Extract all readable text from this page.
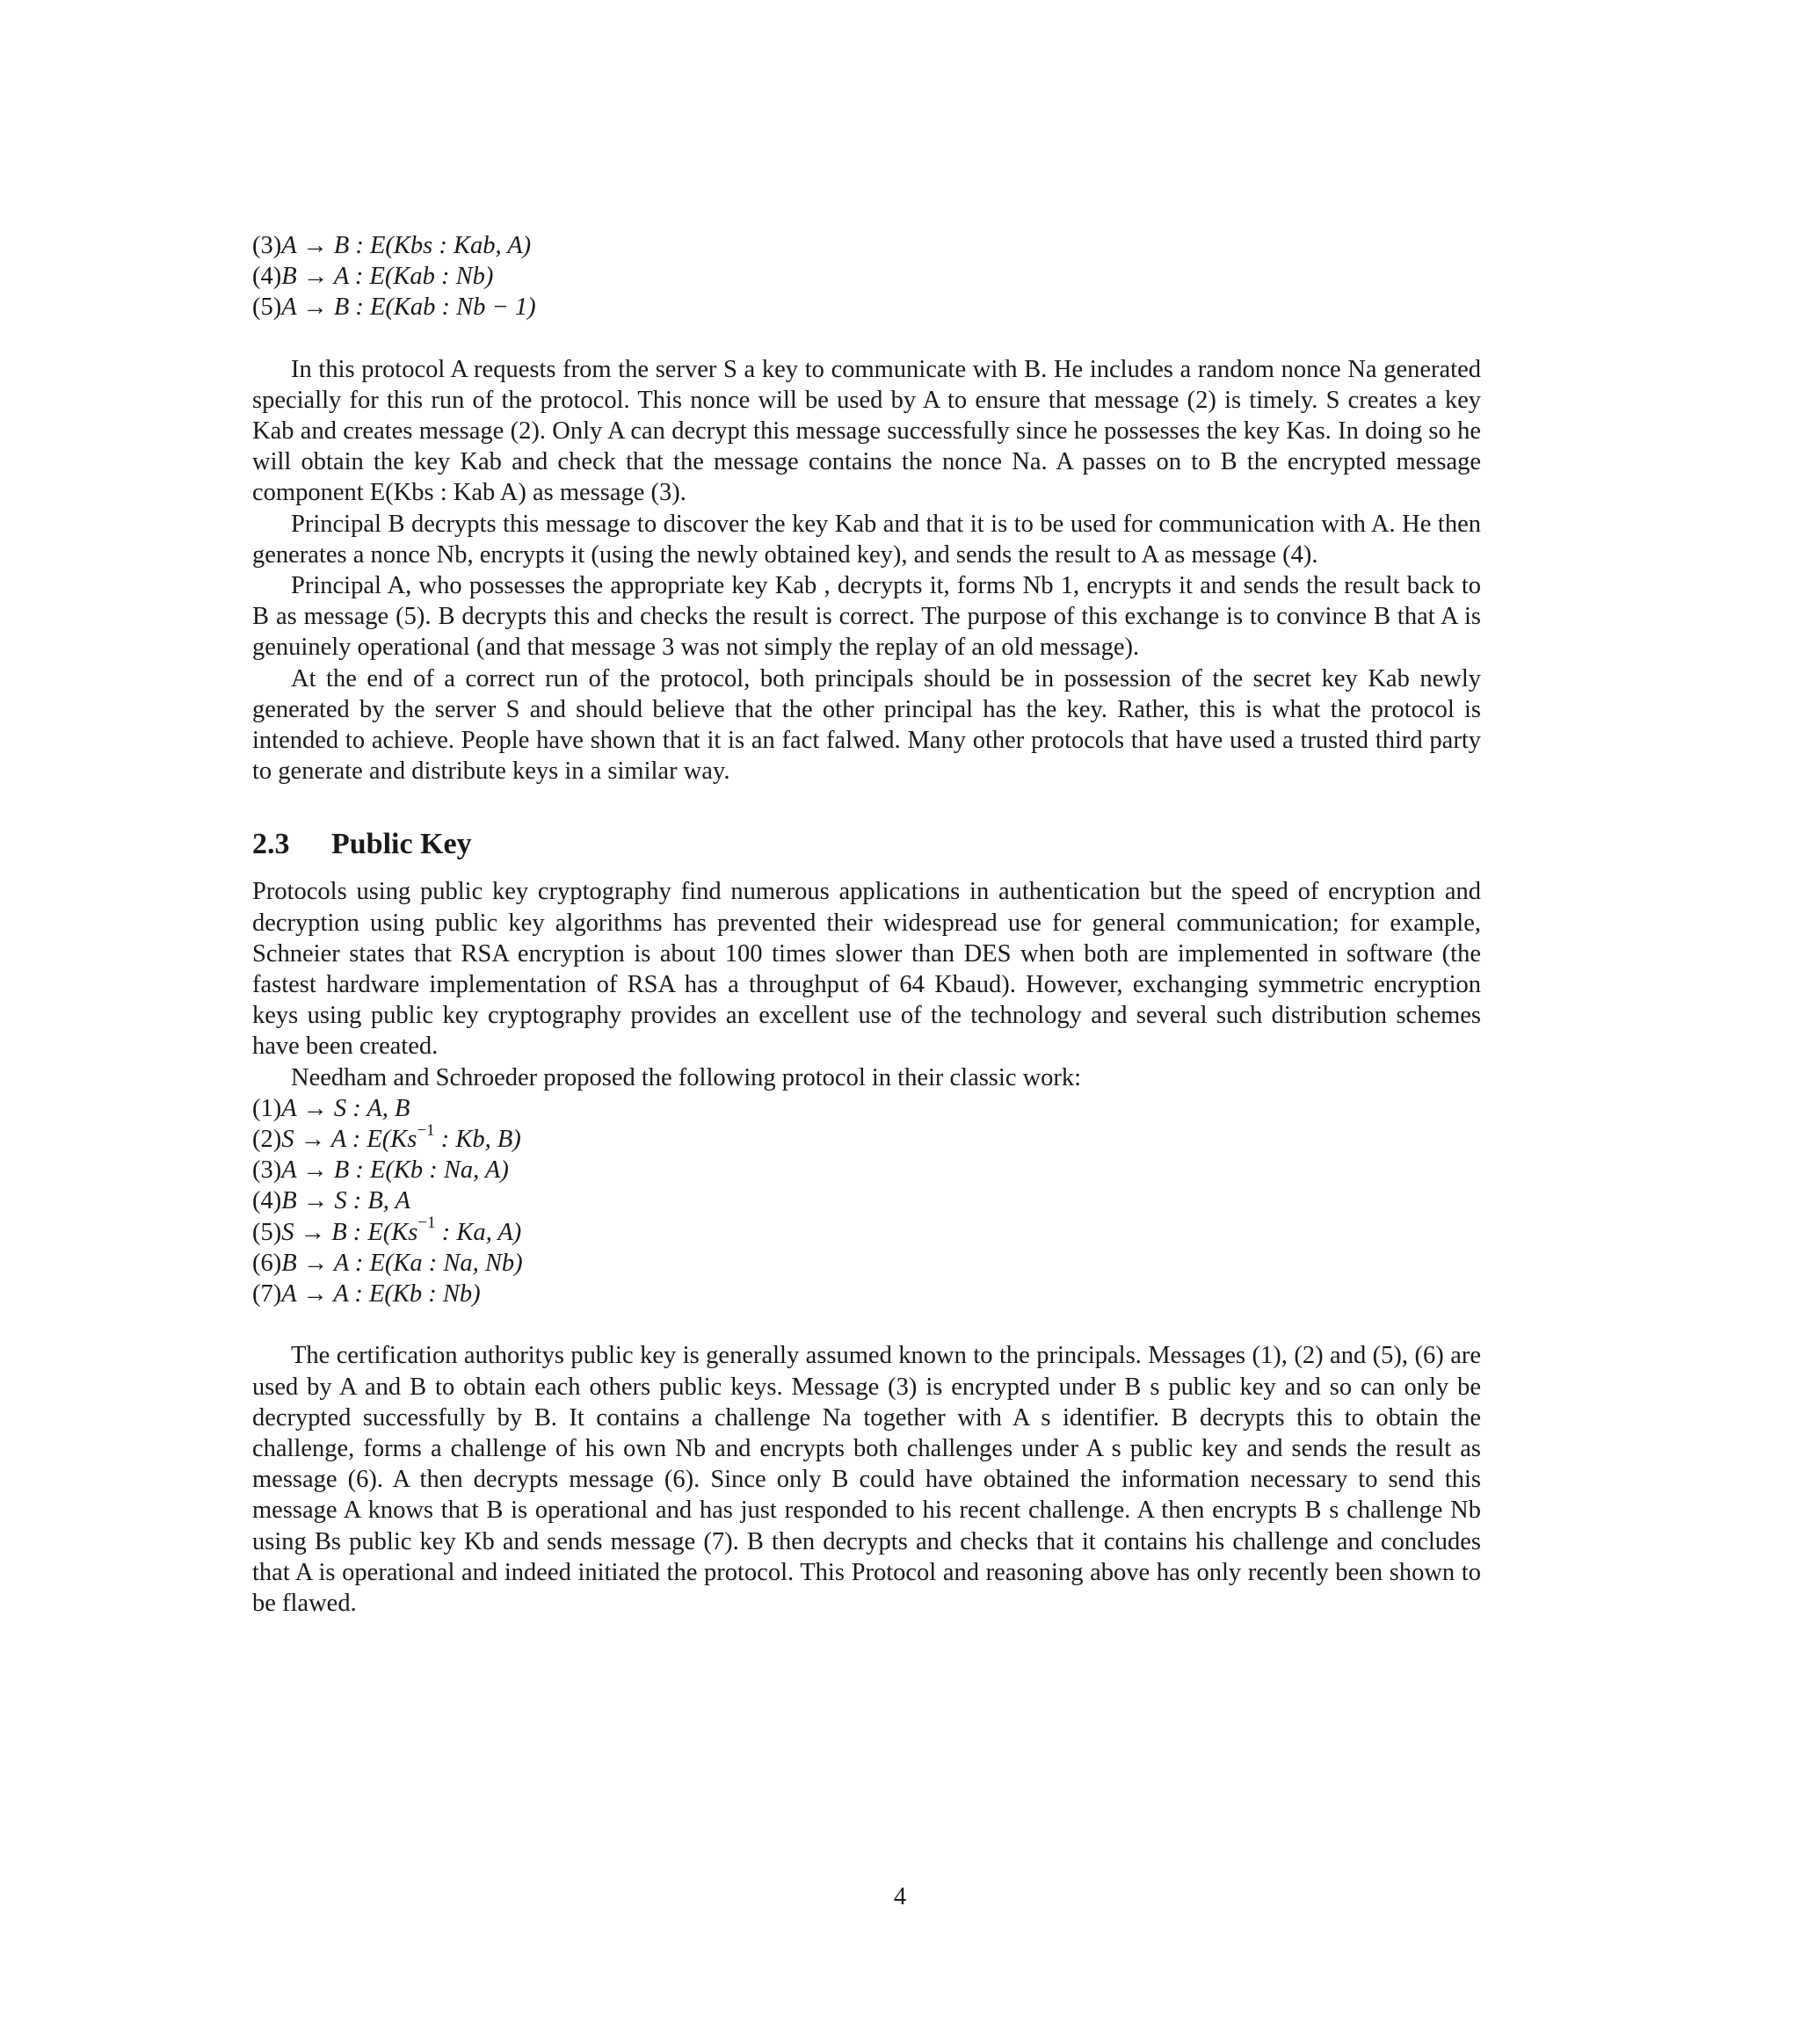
(3)A → B : E(Kbs : Kab, A)
(4)B → A : E(Kab : Nb)
(5)A → B : E(Kab : Nb − 1)

In this protocol A requests from the server S a key to communicate with B. He includes a random nonce Na generated specially for this run of the protocol. This nonce will be used by A to ensure that message (2) is timely. S creates a key Kab and creates message (2). Only A can decrypt this message successfully since he possesses the key Kas. In doing so he will obtain the key Kab and check that the message contains the nonce Na. A passes on to B the encrypted message component E(Kbs : Kab A) as message (3).

Principal B decrypts this message to discover the key Kab and that it is to be used for communication with A. He then generates a nonce Nb, encrypts it (using the newly obtained key), and sends the result to A as message (4).

Principal A, who possesses the appropriate key Kab , decrypts it, forms Nb 1, encrypts it and sends the result back to B as message (5). B decrypts this and checks the result is correct. The purpose of this exchange is to convince B that A is genuinely operational (and that message 3 was not simply the replay of an old message).

At the end of a correct run of the protocol, both principals should be in possession of the secret key Kab newly generated by the server S and should believe that the other principal has the key. Rather, this is what the protocol is intended to achieve. People have shown that it is an fact falwed. Many other protocols that have used a trusted third party to generate and distribute keys in a similar way.

2.3 Public Key

Protocols using public key cryptography find numerous applications in authentication but the speed of encryption and decryption using public key algorithms has prevented their widespread use for general communication; for example, Schneier states that RSA encryption is about 100 times slower than DES when both are implemented in software (the fastest hardware implementation of RSA has a throughput of 64 Kbaud). However, exchanging symmetric encryption keys using public key cryptography provides an excellent use of the technology and several such distribution schemes have been created.

Needham and Schroeder proposed the following protocol in their classic work:

(1)A → S : A, B
(2)S → A : $E(Ks^{-1}$ : Kb, B)
(3)A → B : E(Kb : Na, A)
(4)B → S : B, A
(5)S → B : $E(Ks^{-1}$ : Ka, A)
(6)B → A : E(Ka : Na, Nb)
(7)A → A : E(Kb : Nb)

The certification authoritys public key is generally assumed known to the principals. Messages (1), (2) and (5), (6) are used by A and B to obtain each others public keys. Message (3) is encrypted under B s public key and so can only be decrypted successfully by B. It contains a challenge Na together with A s identifier. B decrypts this to obtain the challenge, forms a challenge of his own Nb and encrypts both challenges under A s public key and sends the result as message (6). A then decrypts message (6). Since only B could have obtained the information necessary to send this message A knows that B is operational and has just responded to his recent challenge. A then encrypts B s challenge Nb using Bs public key Kb and sends message (7). B then decrypts and checks that it contains his challenge and concludes that A is operational and indeed initiated the protocol. This Protocol and reasoning above has only recently been shown to be flawed.

4
